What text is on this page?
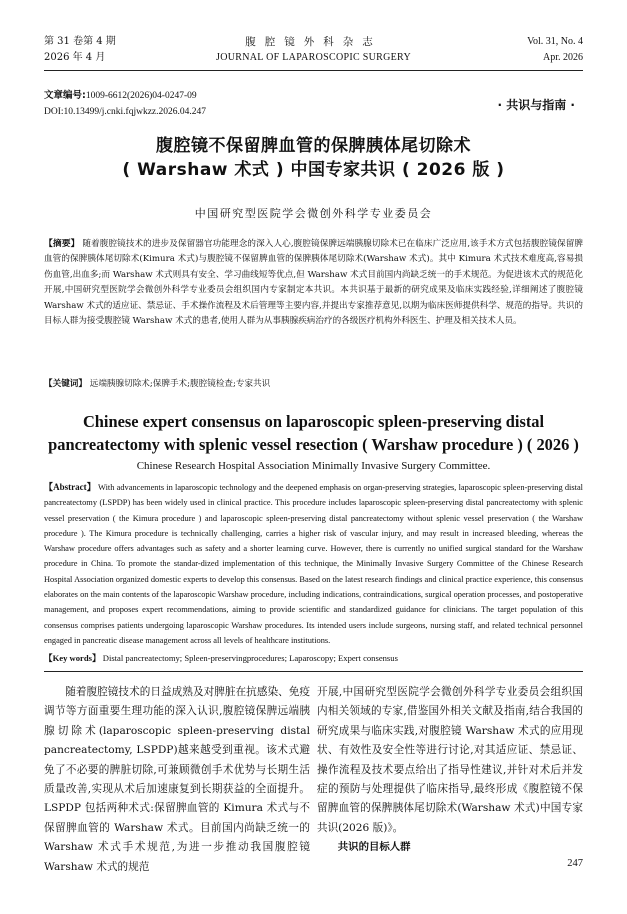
第 31 卷第 4 期
2026 年 4 月
腹腔镜外科杂志
JOURNAL OF LAPAROSCOPIC SURGERY
Vol. 31, No. 4
Apr. 2026
文章编号:1009-6612(2026)04-0247-09
DOI:10.13499/j.cnki.fqjwkzz.2026.04.247	· 共识与指南 ·
腹腔镜不保留脾血管的保脾胰体尾切除术
( Warshaw 术式 ) 中国专家共识 ( 2026 版 )
中国研究型医院学会微创外科学专业委员会
【摘要】 随着腹腔镜技术的进步及保留器官功能理念的深入人心,腹腔镜保脾远端胰腺切除术已在临床广泛应用,该手术方式包括腹腔镜保留脾血管的保脾胰体尾切除术(Kimura 术式)与腹腔镜不保留脾血管的保脾胰体尾切除术(Warshaw 术式)。其中 Kimura 术式技术难度高,容易损伤血管,出血多;而 Warshaw 术式则具有安全、学习曲线短等优点,但 Warshaw 术式目前国内尚缺乏统一的手术规范。为促进该术式的规范化开展,中国研究型医院学会微创外科学专业委员会组织国内专家制定本共识。本共识基于最新的研究成果及临床实践经验,详细阐述了腹腔镜 Warshaw 术式的适应证、禁忌证、手术操作流程及术后管理等主要内容,并提出专家推荐意见,以期为临床医师提供科学、规范的指导。共识的目标人群为接受腹腔镜 Warshaw 术式的患者,使用人群为从事胰腺疾病治疗的各级医疗机构外科医生、护理及相关技术人员。
【关键词】 远端胰腺切除术;保脾手术;腹腔镜检查;专家共识
Chinese expert consensus on laparoscopic spleen-preserving distal pancreatectomy with splenic vessel resection ( Warshaw procedure ) ( 2026 )
Chinese Research Hospital Association Minimally Invasive Surgery Committee.
【Abstract】 With advancements in laparoscopic technology and the deepened emphasis on organ-preserving strategies, laparoscopic spleen-preserving distal pancreatectomy (LSPDP) has been widely used in clinical practice. This procedure includes laparoscopic spleen-preserving distal pancreatectomy with splenic vessel preservation ( the Kimura procedure ) and laparoscopic spleen-preserving distal pancreatectomy without splenic vessel preservation ( the Warshaw procedure ). The Kimura procedure is technically challenging, carries a higher risk of vascular injury, and may result in increased bleeding, whereas the Warshaw procedure offers advantages such as safety and a shorter learning curve. However, there is currently no unified surgical standard for the Warshaw procedure in China. To promote the standar-dized implementation of this technique, the Minimally Invasive Surgery Committee of the Chinese Research Hospital Association organized domestic experts to develop this consensus. Based on the latest research findings and clinical practice experience, this consensus elaborates on the main contents of the laparoscopic Warshaw procedure, including indications, contraindications, surgical operation processes, and postoperative management, and proposes expert recommendations, aiming to provide scientific and standardized guidance for clinicians. The target population of this consensus comprises patients undergoing laparoscopic Warshaw procedures. Its intended users include surgeons, nursing staff, and related technical personnel engaged in pancreatic disease management across all levels of healthcare institutions.
【Key words】 Distal pancreatectomy; Spleen-preservingprocedures; Laparoscopy; Expert consensus

随着腹腔镜技术的日益成熟及对脾脏在抗感染、免疫调节等方面重要生理功能的深入认识,腹腔镜保脾远端胰腺切除术(laparoscopic spleen-preserving distal pancreatectomy, LSPDP)越来越受到重视。该术式避免了不必要的脾脏切除,可兼顾微创手术优势与长期生活质量改善,实现从术后加速康复到长期获益的全面提升。LSPDP 包括两种术式:保留脾血管的 Kimura 术式与不保留脾血管的 Warshaw 术式。目前国内尚缺乏统一的 Warshaw 术式手术规范,为进一步推动我国腹腔镜 Warshaw 术式的规范

开展,中国研究型医院学会微创外科学专业委员会组织国内相关领域的专家,借鉴国外相关文献及指南,结合我国的研究成果与临床实践,对腹腔镜 Warshaw 术式的应用现状、有效性及安全性等进行讨论,对其适应证、禁忌证、操作流程及技术要点给出了指导性建议,并针对术后并发症的预防与处理提供了临床指导,最终形成《腹腔镜不保留脾血管的保脾胰体尾切除术(Warshaw 术式)中国专家共识(2026 版)》。

共识的目标人群

247
